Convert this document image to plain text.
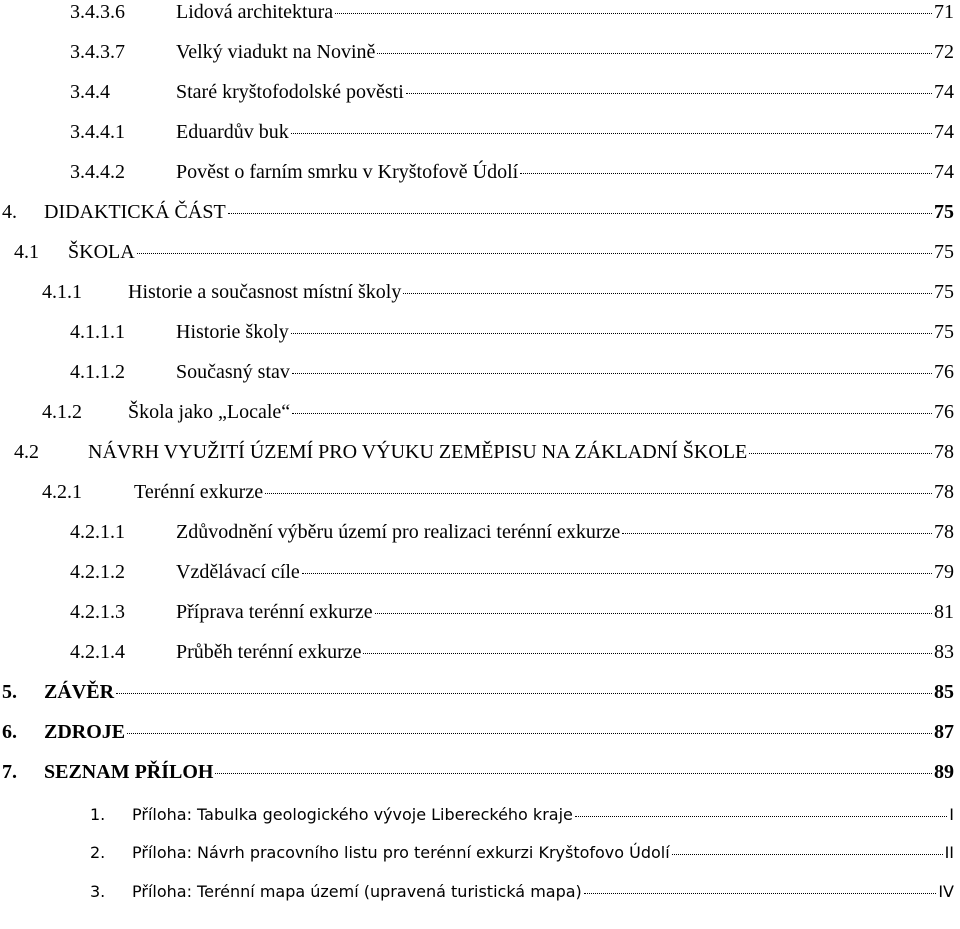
3.4.3.6	Lidová architektura	71
3.4.3.7	Velký viadukt na Novině	72
3.4.4	Staré kryštofodolské pověsti	74
3.4.4.1	Eduardův buk	74
3.4.4.2	Pověst o farním smrku v Kryštofově Údolí	74
4.	DIDAKTICKÁ ČÁST	75
4.1	ŠKOLA	75
4.1.1	Historie a současnost místní školy	75
4.1.1.1	Historie školy	75
4.1.1.2	Současný stav	76
4.1.2	Škola jako „Locale“	76
4.2	NÁVRH VYUŽITÍ ÚZEMÍ PRO VÝUKU ZEMĚPISU NA ZÁKLADNÍ ŠKOLE	78
4.2.1	Terénní exkurze	78
4.2.1.1	Zdůvodnění výběru území pro realizaci terénní exkurze	78
4.2.1.2	Vzdělávací cíle	79
4.2.1.3	Příprava terénní exkurze	81
4.2.1.4	Průběh terénní exkurze	83
5.	ZÁVĚR	85
6.	ZDROJE	87
7.	SEZNAM PŘÍLOH	89
1.	Příloha: Tabulka geologického vývoje Libereckého kraje	I
2.	Příloha: Návrh pracovního listu pro terénní exkurzi Kryštofovo Údolí	II
3.	Příloha: Terénní mapa území (upravená turistická mapa)	IV
